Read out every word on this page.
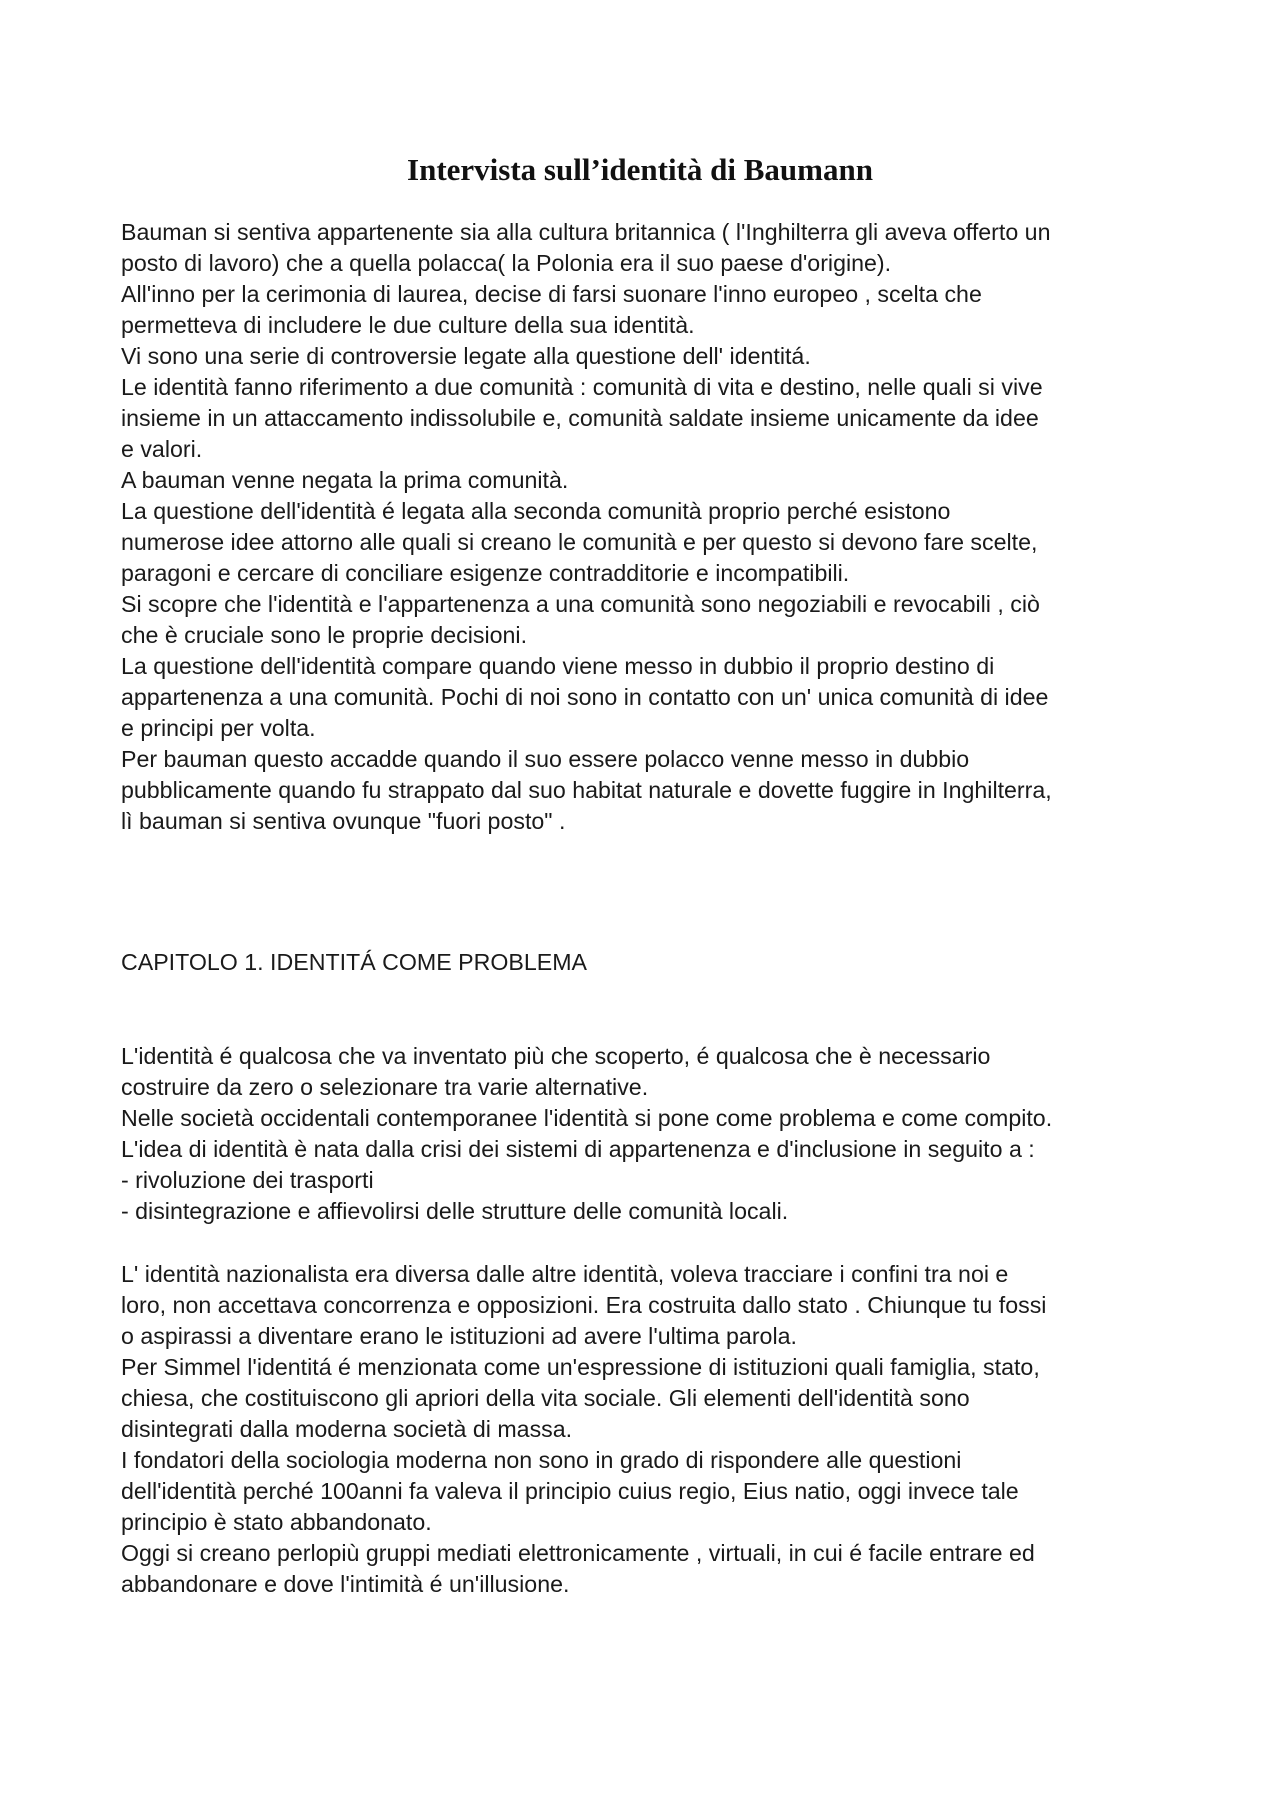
Intervista sull’identità di Baumann
Bauman si sentiva appartenente sia alla cultura britannica ( l'Inghilterra gli aveva offerto un
posto di lavoro) che a quella polacca( la Polonia era il suo paese d'origine).
All'inno per la cerimonia di laurea, decise di farsi suonare l'inno europeo , scelta che
permetteva di includere le due culture della sua identità.
Vi sono una serie di controversie legate alla questione dell' identitá.
Le identità fanno riferimento a due comunità : comunità di vita e destino, nelle quali si vive
insieme in un attaccamento indissolubile e, comunità saldate insieme unicamente da idee
e valori.
A bauman venne negata la prima comunità.
La questione dell'identità é legata alla seconda comunità proprio perché esistono
numerose idee attorno alle quali si creano le comunità e per questo si devono fare scelte,
paragoni e cercare di conciliare esigenze contradditorie e incompatibili.
Si scopre che l'identità e l'appartenenza a una comunità sono negoziabili e revocabili , ciò
che è cruciale sono le proprie decisioni.
La questione dell'identità compare quando viene messo in dubbio il proprio destino di
appartenenza a una comunità. Pochi di noi sono in contatto con un' unica comunità di idee
e principi per volta.
Per bauman questo accadde quando il suo essere polacco venne messo in dubbio
pubblicamente quando fu strappato dal suo habitat naturale e dovette fuggire in Inghilterra,
lì bauman si sentiva ovunque "fuori posto" .
CAPITOLO 1. IDENTITÁ COME PROBLEMA
L'identità é qualcosa che va inventato più che scoperto, é qualcosa che è necessario
costruire da zero o selezionare tra varie alternative.
Nelle società occidentali contemporanee l'identità si pone come problema e come compito.
L'idea di identità è nata dalla crisi dei sistemi di appartenenza e d'inclusione in seguito a :
- rivoluzione dei trasporti
- disintegrazione e affievolirsi delle strutture delle comunità locali.
L' identità nazionalista era diversa dalle altre identità, voleva tracciare i confini tra noi e
loro, non accettava concorrenza e opposizioni. Era costruita dallo stato . Chiunque tu fossi
o aspirassi a diventare erano le istituzioni ad avere l'ultima parola.
Per Simmel l'identitá é menzionata come un'espressione di istituzioni quali famiglia, stato,
chiesa, che costituiscono gli apriori della vita sociale. Gli elementi dell'identità sono
disintegrati dalla moderna società di massa.
I fondatori della sociologia moderna non sono in grado di rispondere alle questioni
dell'identità perché 100anni fa valeva il principio cuius regio, Eius natio, oggi invece tale
principio è stato abbandonato.
Oggi si creano perlopiù gruppi mediati elettronicamente , virtuali, in cui é facile entrare ed
abbandonare e dove l'intimità é un'illusione.
